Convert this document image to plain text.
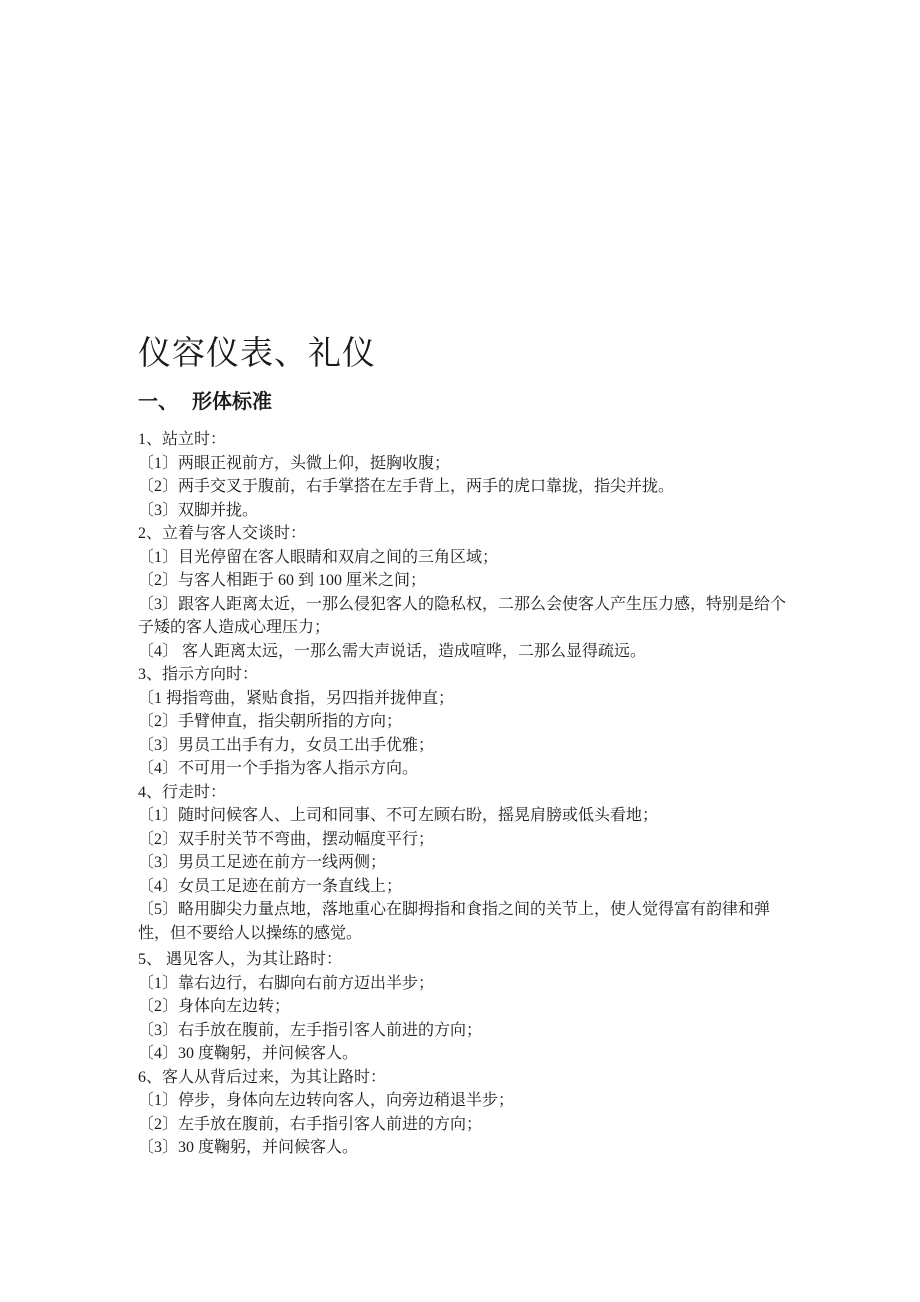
仪容仪表、礼仪
一、 形体标准

1、站立时：

〔1〕两眼正视前方，头微上仰，挺胸收腹；

〔2〕两手交叉于腹前，右手掌搭在左手背上，两手的虎口靠拢，指尖并拢。

〔3〕双脚并拢。

2、立着与客人交谈时：

〔1〕目光停留在客人眼睛和双肩之间的三角区域；

〔2〕与客人相距于 60 到 100 厘米之间；

〔3〕跟客人距离太近，一那么侵犯客人的隐私权，二那么会使客人产生压力感，特别是给个子矮的客人造成心理压力；

〔4〕 客人距离太远，一那么需大声说话，造成喧哗，二那么显得疏远。

3、指示方向时：

〔1 拇指弯曲，紧贴食指，另四指并拢伸直；

〔2〕手臂伸直，指尖朝所指的方向；

〔3〕男员工出手有力，女员工出手优雅；

〔4〕不可用一个手指为客人指示方向。

4、行走时：

〔1〕随时问候客人、上司和同事、不可左顾右盼，摇晃肩膀或低头看地；

〔2〕双手肘关节不弯曲，摆动幅度平行；

〔3〕男员工足迹在前方一线两侧；

〔4〕女员工足迹在前方一条直线上；

〔5〕略用脚尖力量点地，落地重心在脚拇指和食指之间的关节上，使人觉得富有韵律和弹性，但不要给人以操练的感觉。

5、 遇见客人，为其让路时：

〔1〕靠右边行，右脚向右前方迈出半步；

〔2〕身体向左边转；

〔3〕右手放在腹前，左手指引客人前进的方向；

〔4〕30 度鞠躬，并问候客人。

6、客人从背后过来，为其让路时：

〔1〕停步，身体向左边转向客人，向旁边稍退半步；

〔2〕左手放在腹前，右手指引客人前进的方向；

〔3〕30 度鞠躬，并问候客人。
